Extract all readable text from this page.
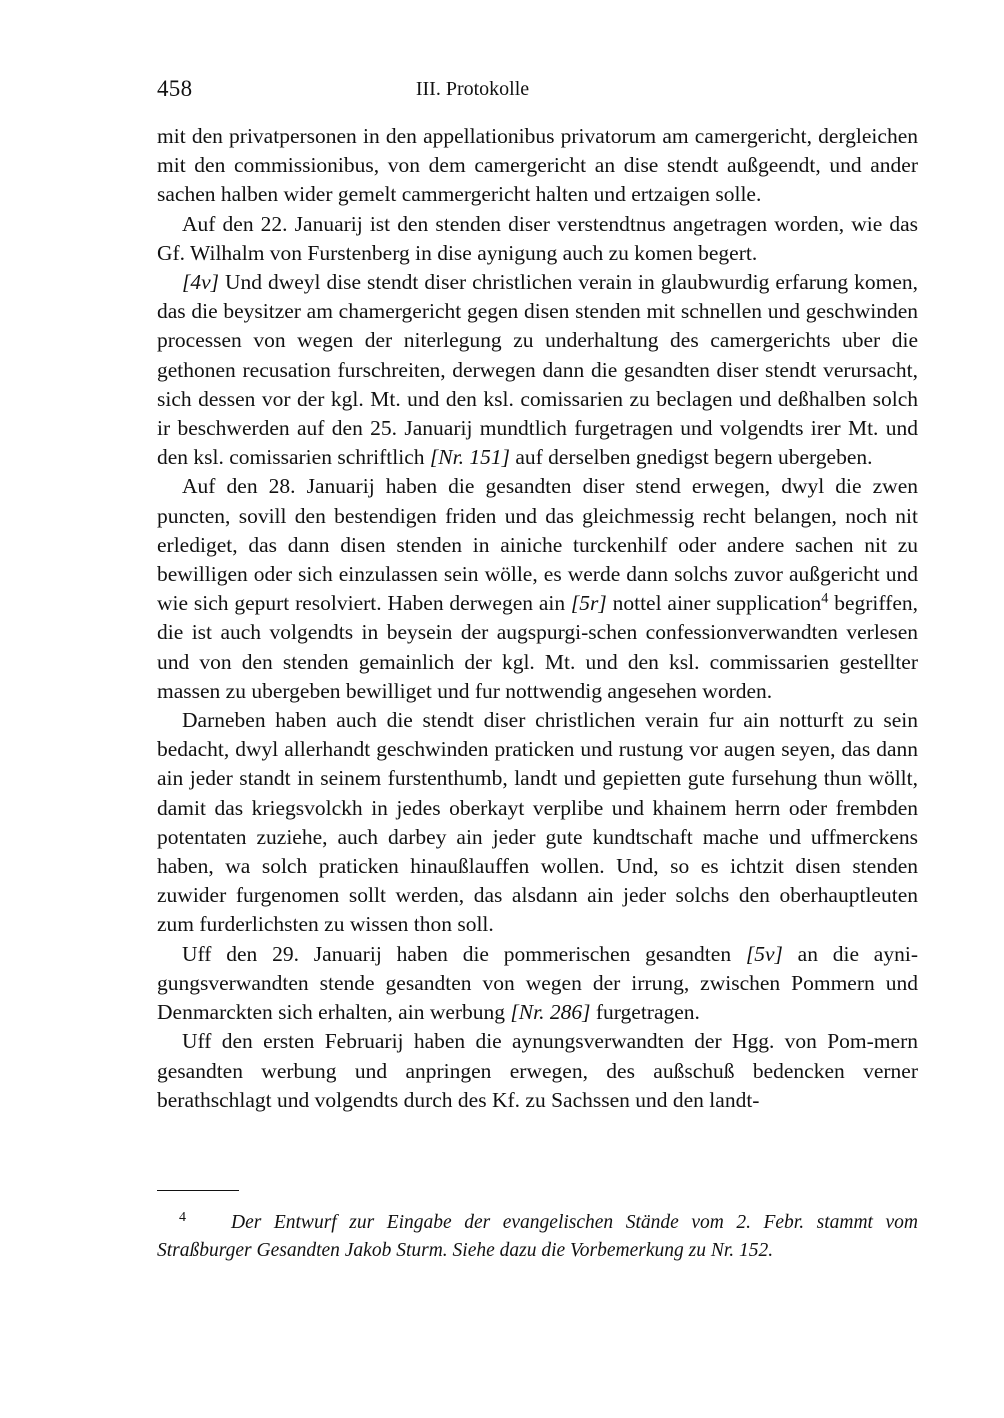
458	III. Protokolle

mit den privatpersonen in den appellationibus privatorum am camergericht, dergleichen mit den commissionibus, von dem camergericht an dise stendt außgeendt, und ander sachen halben wider gemelt cammergericht halten und ertzaigen solle.

Auf den 22. Januarij ist den stenden diser verstendtnus angetragen worden, wie das Gf. Wilhalm von Furstenberg in dise aynigung auch zu komen begert.

[4v] Und dweyl dise stendt diser christlichen verain in glaubwurdig erfarung komen, das die beysitzer am chamergericht gegen disen stenden mit schnellen und geschwinden processen von wegen der niterlegung zu underhaltung des camergerichts uber die gethonen recusation furschreiten, derwegen dann die gesandten diser stendt verursacht, sich dessen vor der kgl. Mt. und den ksl. comissarien zu beclagen und deßhalben solch ir beschwerden auf den 25. Januarij mundtlich furgetragen und volgendts irer Mt. und den ksl. comissarien schriftlich [Nr. 151] auf derselben gnedigst begern ubergeben.

Auf den 28. Januarij haben die gesandten diser stend erwegen, dwyl die zwen puncten, sovill den bestendigen friden und das gleichmessig recht belangen, noch nit erlediget, das dann disen stenden in ainiche turckenhilf oder andere sachen nit zu bewilligen oder sich einzulassen sein wölle, es werde dann solchs zuvor außgericht und wie sich gepurt resolviert. Haben derwegen ain [5r] nottel ainer supplication$^4$ begriffen, die ist auch volgendts in beysein der augspurgi-schen confessionverwandten verlesen und von den stenden gemainlich der kgl. Mt. und den ksl. commissarien gestellter massen zu ubergeben bewilliget und fur nottwendig angesehen worden.

Darneben haben auch die stendt diser christlichen verain fur ain notturft zu sein bedacht, dwyl allerhandt geschwinden praticken und rustung vor augen seyen, das dann ain jeder standt in seinem furstenthumb, landt und gepietten gute fursehung thun wöllt, damit das kriegsvolckh in jedes oberkayt verplibe und khainem herrn oder frembden potentaten zuziehe, auch darbey ain jeder gute kundtschaft mache und uffmerckens haben, wa solch praticken hinaußlauffen wollen. Und, so es ichtzit disen stenden zuwider furgenomen sollt werden, das alsdann ain jeder solchs den oberhauptleuten zum furderlichsten zu wissen thon soll.

Uff den 29. Januarij haben die pommerischen gesandten [5v] an die ayni-gungsverwandten stende gesandten von wegen der irrung, zwischen Pommern und Denmarckten sich erhalten, ain werbung [Nr. 286] furgetragen.

Uff den ersten Februarij haben die aynungsverwandten der Hgg. von Pom-mern gesandten werbung und anpringen erwegen, des außschuß bedencken verner berathschlagt und volgendts durch des Kf. zu Sachssen und den landt-

4 Der Entwurf zur Eingabe der evangelischen Stände vom 2. Febr. stammt vom Straßburger Gesandten Jakob Sturm. Siehe dazu die Vorbemerkung zu Nr. 152.
